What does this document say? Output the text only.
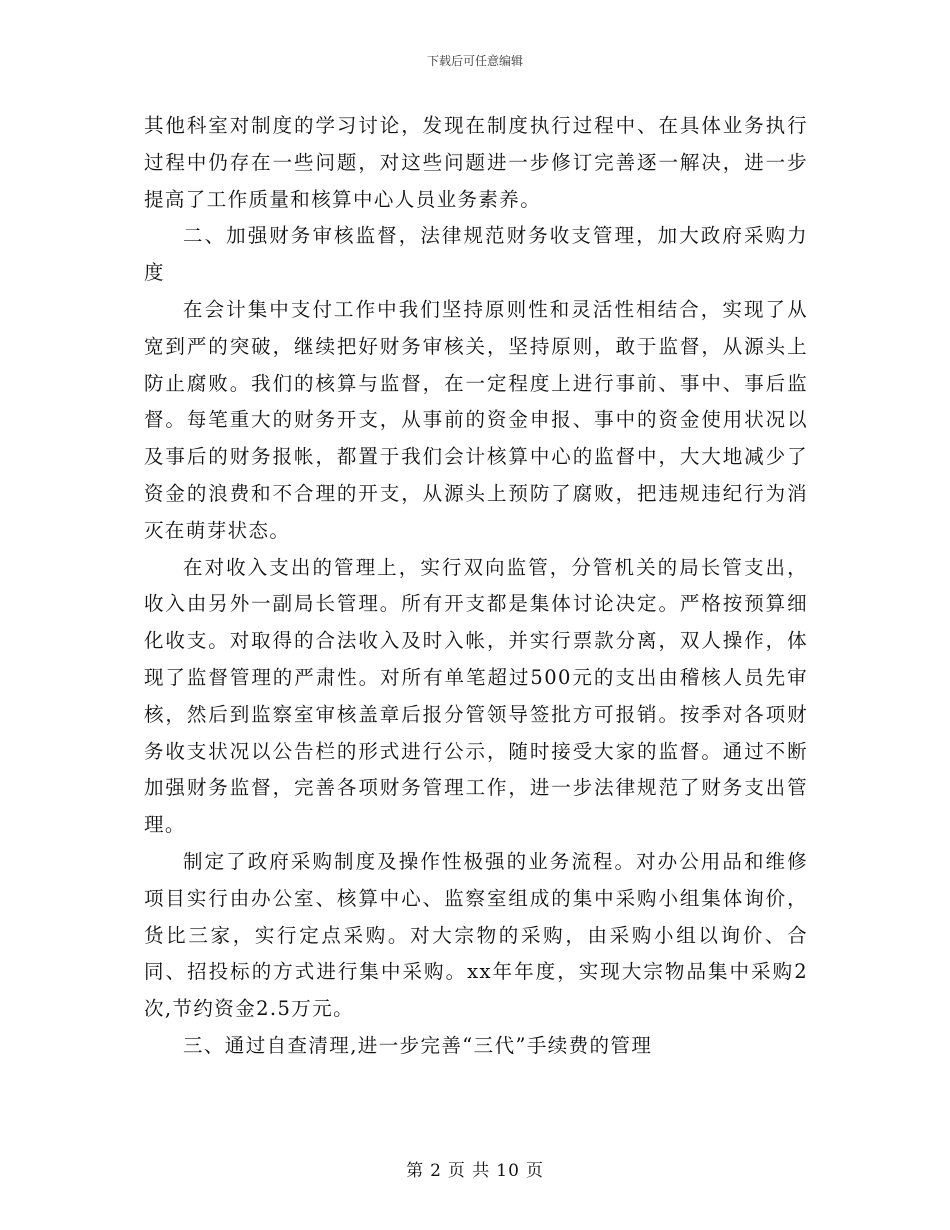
下载后可任意编辑

其他科室对制度的学习讨论，发现在制度执行过程中、在具体业务执行过程中仍存在一些问题，对这些问题进一步修订完善逐一解决，进一步提高了工作质量和核算中心人员业务素养。

二、加强财务审核监督，法律规范财务收支管理，加大政府采购力度

在会计集中支付工作中我们坚持原则性和灵活性相结合，实现了从宽到严的突破，继续把好财务审核关，坚持原则，敢于监督，从源头上防止腐败。我们的核算与监督，在一定程度上进行事前、事中、事后监督。每笔重大的财务开支，从事前的资金申报、事中的资金使用状况以及事后的财务报帐，都置于我们会计核算中心的监督中，大大地减少了资金的浪费和不合理的开支，从源头上预防了腐败，把违规违纪行为消灭在萌芽状态。

在对收入支出的管理上，实行双向监管，分管机关的局长管支出，收入由另外一副局长管理。所有开支都是集体讨论决定。严格按预算细化收支。对取得的合法收入及时入帐，并实行票款分离，双人操作，体现了监督管理的严肃性。对所有单笔超过500元的支出由稽核人员先审核，然后到监察室审核盖章后报分管领导签批方可报销。按季对各项财务收支状况以公告栏的形式进行公示，随时接受大家的监督。通过不断加强财务监督，完善各项财务管理工作，进一步法律规范了财务支出管理。

制定了政府采购制度及操作性极强的业务流程。对办公用品和维修项目实行由办公室、核算中心、监察室组成的集中采购小组集体询价，货比三家，实行定点采购。对大宗物的采购，由采购小组以询价、合同、招投标的方式进行集中采购。xx年年度，实现大宗物品集中采购2次,节约资金2.5万元。

三、通过自查清理,进一步完善“三代”手续费的管理

第 2 页 共 10 页
